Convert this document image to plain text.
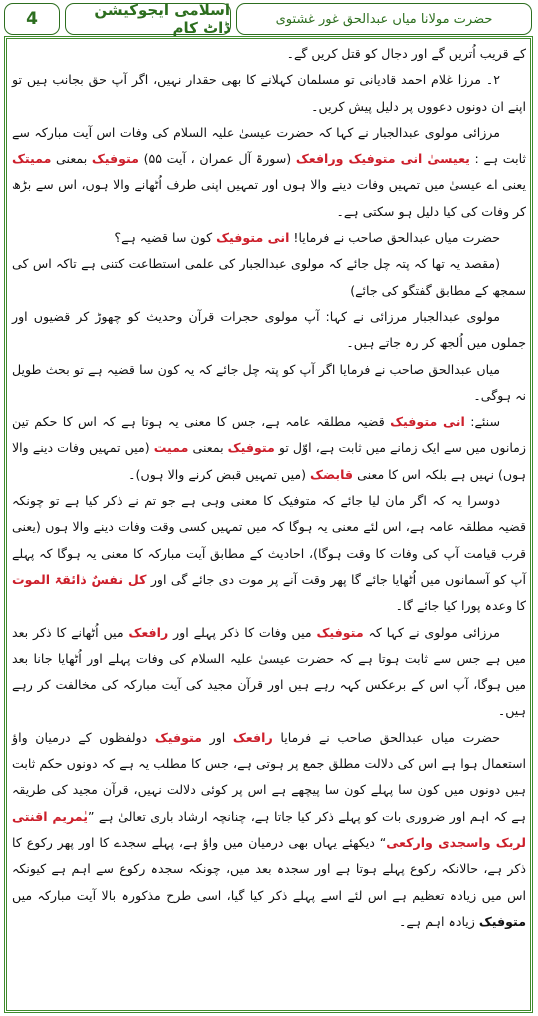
4	اسلامی ایجوکیشن ڈاٹ کام	حضرت مولانا میاں عبدالحق غور غشتوی

کے قریب اُتریں گے اور دجال کو قتل کریں گے۔

۲۔ مرزا غلام احمد قادیانی تو مسلمان کہلانے کا بھی حقدار نہیں، اگر آپ حق بجانب ہیں تو اپنے ان دونوں دعووں پر دلیل پیش کریں۔

مرزائی مولوی عبدالجبار نے کہا کہ حضرت عیسیٰ علیہ السلام کی وفات اس آیت مبارکہ سے ثابت ہے : یعیسیٰ انی متوفیک ورافعک (سورۃ آل عمران ، آیت ۵۵) متوفیک بمعنی ممیتک یعنی اے عیسیٰ میں تمہیں وفات دینے والا ہوں اور تمہیں اپنی طرف اُٹھانے والا ہوں، اس سے بڑھ کر وفات کی کیا دلیل ہو سکتی ہے۔

حضرت میاں عبدالحق صاحب نے فرمایا! انی متوفیک کون سا قضیہ ہے؟

(مقصد یہ تھا کہ پتہ چل جائے کہ مولوی عبدالجبار کی علمی استطاعت کتنی ہے تاکہ اس کی سمجھ کے مطابق گفتگو کی جائے)

مولوی عبدالجبار مرزائی نے کہا: آپ مولوی حجرات قرآن وحدیث کو چھوڑ کر قضیوں اور جملوں میں اُلجھ کر رہ جاتے ہیں۔

میاں عبدالحق صاحب نے فرمایا اگر آپ کو پتہ چل جائے کہ یہ کون سا قضیہ ہے تو بحث طویل نہ ہوگی۔

سنئے: انی متوفیک قضیہ مطلقہ عامہ ہے، جس کا معنی یہ ہوتا ہے کہ اس کا حکم تین زمانوں میں سے ایک زمانے میں ثابت ہے، اوّل تو متوفیک بمعنی ممیت (میں تمہیں وفات دینے والا ہوں) نہیں ہے بلکہ اس کا معنی قابضک (میں تمہیں قبض کرنے والا ہوں)۔

دوسرا یہ کہ اگر مان لیا جائے کہ متوفیک کا معنی وہی ہے جو تم نے ذکر کیا ہے تو چونکہ قضیہ مطلقہ عامہ ہے، اس لئے معنی یہ ہوگا کہ میں تمہیں کسی وقت وفات دینے والا ہوں (یعنی قرب قیامت آپ کی وفات کا وقت ہوگا)، احادیث کے مطابق آیت مبارکہ کا معنی یہ ہوگا کہ پہلے آپ کو آسمانوں میں اُٹھایا جائے گا پھر وقت آنے پر موت دی جائے گی اور کل نفسٌ ذائقۃ الموت کا وعدہ پورا کیا جائے گا۔

مرزائی مولوی نے کہا کہ متوفیک میں وفات کا ذکر پہلے اور رافعک میں اُٹھانے کا ذکر بعد میں ہے جس سے ثابت ہوتا ہے کہ حضرت عیسیٰ علیہ السلام کی وفات پہلے اور اُٹھایا جانا بعد میں ہوگا، آپ اس کے برعکس کہہ رہے ہیں اور قرآن مجید کی آیت مبارکہ کی مخالفت کر رہے ہیں۔

حضرت میاں عبدالحق صاحب نے فرمایا رافعک اور متوفیک دولفظوں کے درمیان واؤ استعمال ہوا ہے اس کی دلالت مطلق جمع پر ہوتی ہے، جس کا مطلب یہ ہے کہ دونوں حکم ثابت ہیں دونوں میں کون سا پہلے کون سا پیچھے ہے اس پر کوئی دلالت نہیں، قرآن مجید کی طریقہ ہے کہ اہم اور ضروری بات کو پہلے ذکر کیا جاتا ہے، چنانچہ ارشاد باری تعالیٰ ہے ”یٰمریم اقنتی لربک واسجدی وارکعی“ دیکھئے یہاں بھی درمیان میں واؤ ہے، پہلے سجدے کا اور پھر رکوع کا ذکر ہے، حالانکہ رکوع پہلے ہوتا ہے اور سجدہ بعد میں، چونکہ سجدہ رکوع سے اہم ہے کیونکہ اس میں زیادہ تعظیم ہے اس لئے اسے پہلے ذکر کیا گیا، اسی طرح مذکورہ بالا آیت مبارکہ میں متوفیک زیادہ اہم ہے۔
